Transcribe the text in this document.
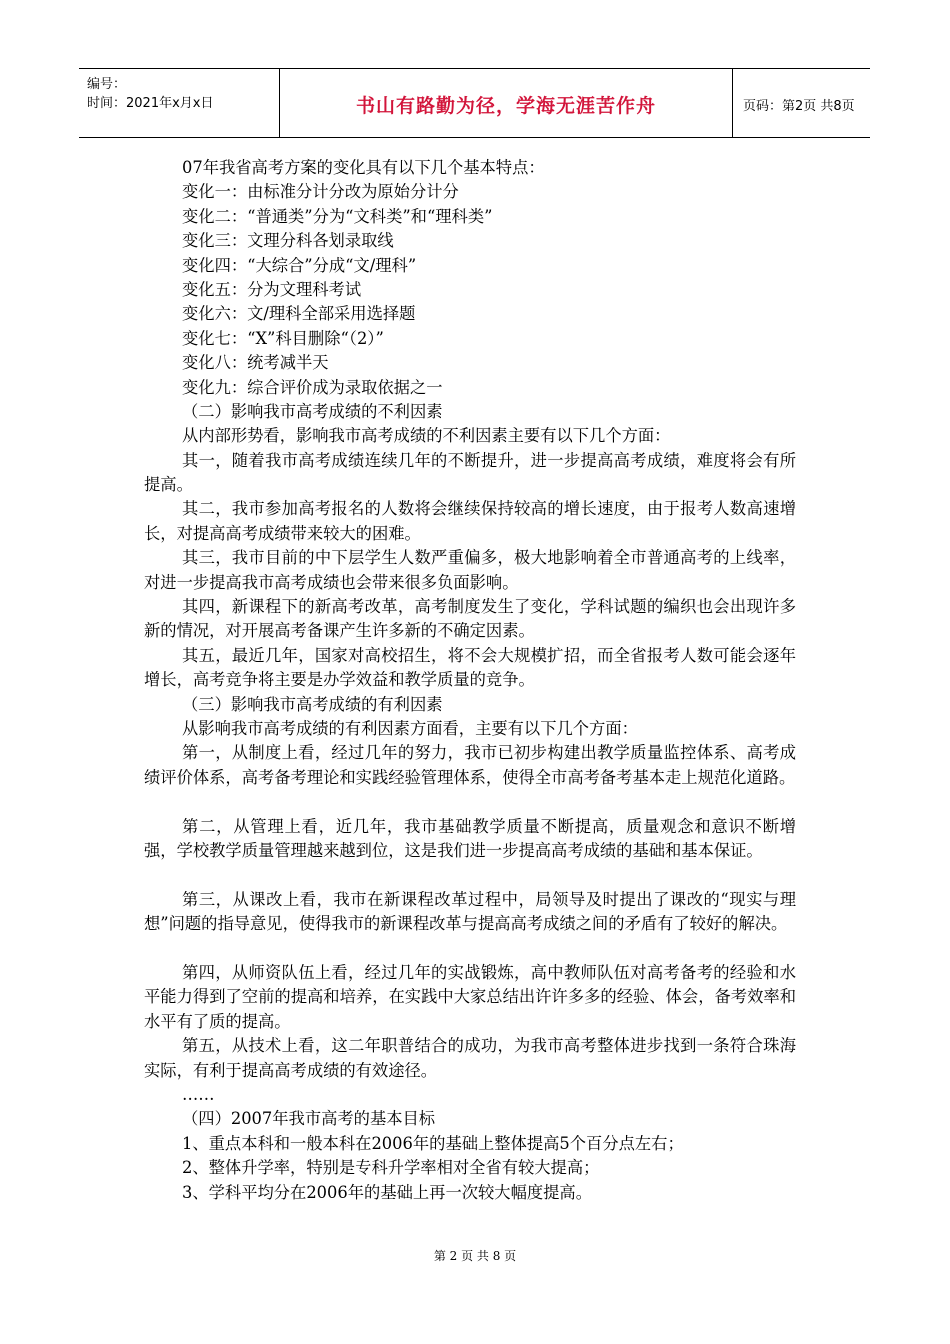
编号：
时间：2021年x月x日	书山有路勤为径，学海无涯苦作舟	页码：第2页 共8页
07年我省高考方案的变化具有以下几个基本特点：
变化一：由标准分计分改为原始分计分
变化二：“普通类”分为“文科类”和“理科类”
变化三：文理分科各划录取线
变化四：“大综合”分成“文/理科”
变化五：分为文理科考试
变化六：文/理科全部采用选择题
变化七：“X”科目删除“（2）”
变化八：统考减半天
变化九：综合评价成为录取依据之一
（二）影响我市高考成绩的不利因素
从内部形势看，影响我市高考成绩的不利因素主要有以下几个方面：
其一，随着我市高考成绩连续几年的不断提升，进一步提高高考成绩，难度将会有所提高。
其二，我市参加高考报名的人数将会继续保持较高的增长速度，由于报考人数高速增长，对提高高考成绩带来较大的困难。
其三，我市目前的中下层学生人数严重偏多，极大地影响着全市普通高考的上线率，对进一步提高我市高考成绩也会带来很多负面影响。
其四，新课程下的新高考改革，高考制度发生了变化，学科试题的编织也会出现许多新的情况，对开展高考备课产生许多新的不确定因素。
其五，最近几年，国家对高校招生，将不会大规模扩招，而全省报考人数可能会逐年增长，高考竞争将主要是办学效益和教学质量的竞争。
（三）影响我市高考成绩的有利因素
从影响我市高考成绩的有利因素方面看，主要有以下几个方面：
第一，从制度上看，经过几年的努力，我市已初步构建出教学质量监控体系、高考成绩评价体系，高考备考理论和实践经验管理体系，使得全市高考备考基本走上规范化道路。
第二，从管理上看，近几年，我市基础教学质量不断提高，质量观念和意识不断增强，学校教学质量管理越来越到位，这是我们进一步提高高考成绩的基础和基本保证。
第三，从课改上看，我市在新课程改革过程中，局领导及时提出了课改的“现实与理想”问题的指导意见，使得我市的新课程改革与提高高考成绩之间的矛盾有了较好的解决。
第四，从师资队伍上看，经过几年的实战锻炼，高中教师队伍对高考备考的经验和水平能力得到了空前的提高和培养，在实践中大家总结出许许多多的经验、体会，备考效率和水平有了质的提高。
第五，从技术上看，这二年职普结合的成功，为我市高考整体进步找到一条符合珠海实际，有利于提高高考成绩的有效途径。
……
（四）2007年我市高考的基本目标
1、重点本科和一般本科在2006年的基础上整体提高5个百分点左右；
2、整体升学率，特别是专科升学率相对全省有较大提高；
3、学科平均分在2006年的基础上再一次较大幅度提高。
第 2 页 共 8 页
